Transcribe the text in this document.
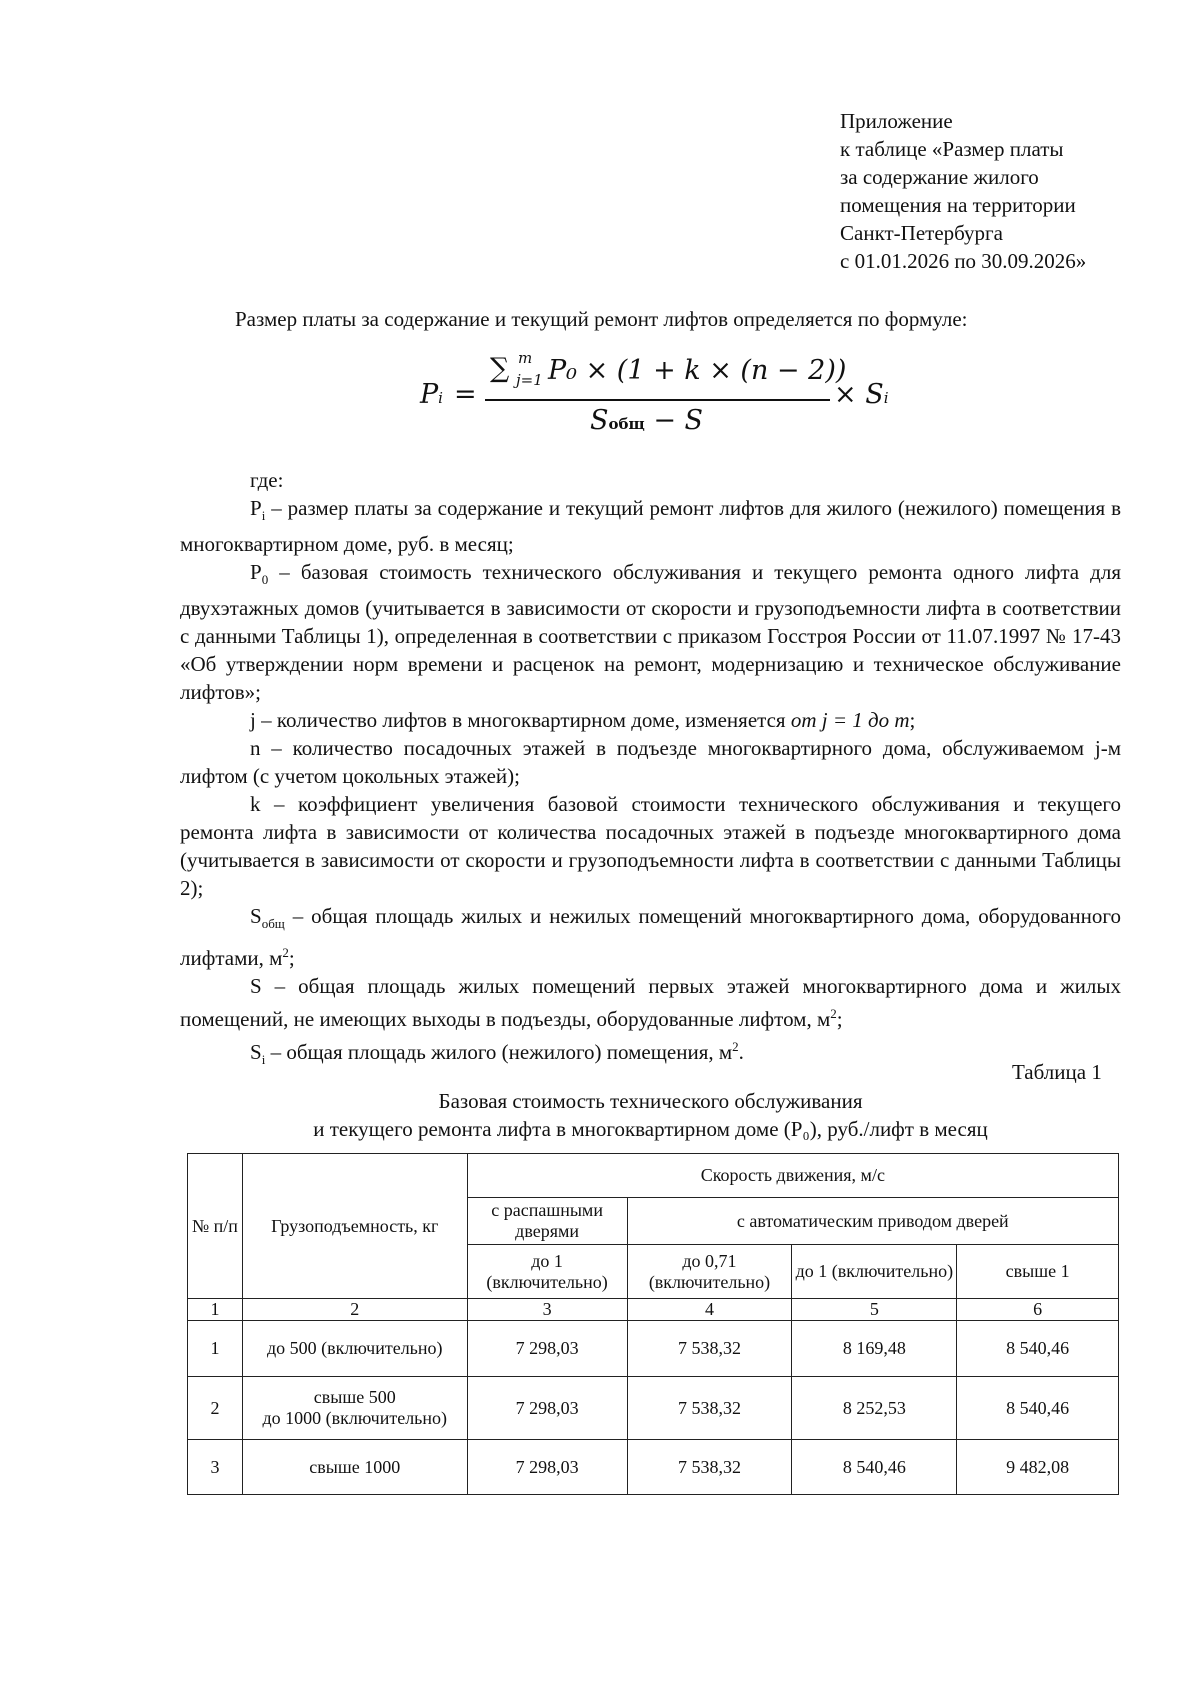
Приложение
к таблице «Размер платы
за содержание жилого
помещения на территории
Санкт-Петербурга
с 01.01.2026 по 30.09.2026»
Размер платы за содержание и текущий ремонт лифтов определяется по формуле:
Pi =
∑ m
j=1 P₀ × (1 + k × (n − 2))
Sобщ − S
× Si

где:

$P_i$ – размер платы за содержание и текущий ремонт лифтов для жилого (нежилого) помещения в многоквартирном доме, руб. в месяц;

$P_0$ – базовая стоимость технического обслуживания и текущего ремонта одного лифта для двухэтажных домов (учитывается в зависимости от скорости и грузоподъемности лифта в соответствии с данными Таблицы 1), определенная в соответствии с приказом Госстроя России от 11.07.1997 № 17-43 «Об утверждении норм времени и расценок на ремонт, модернизацию и техническое обслуживание лифтов»;

j – количество лифтов в многоквартирном доме, изменяется от j = 1 до m;

n – количество посадочных этажей в подъезде многоквартирного дома, обслуживаемом j-м лифтом (с учетом цокольных этажей);

k – коэффициент увеличения базовой стоимости технического обслуживания и текущего ремонта лифта в зависимости от количества посадочных этажей в подъезде многоквартирного дома (учитывается в зависимости от скорости и грузоподъемности лифта в соответствии с данными Таблицы 2);

$S_{общ}$ – общая площадь жилых и нежилых помещений многоквартирного дома, оборудованного лифтами, $м^2$;

S – общая площадь жилых помещений первых этажей многоквартирного дома и жилых помещений, не имеющих выходы в подъезды, оборудованные лифтом, $м^2$;

$S_i$ – общая площадь жилого (нежилого) помещения, $м^2$.

Таблица 1
Базовая стоимость технического обслуживания
и текущего ремонта лифта в многоквартирном доме (P₀), руб./лифт в месяц
№ п/п	Грузоподъемность, кг	Скорость движения, м/с			
		с распашными дверями	с автоматическим приводом дверей		
		до 1 (включительно)	до 0,71 (включительно)	до 1 (включительно)	свыше 1
1	2	3	4	5	6
1	до 500 (включительно)	7 298,03	7 538,32	8 169,48	8 540,46
2	свыше 500
до 1000 (включительно)	7 298,03	7 538,32	8 252,53	8 540,46
3	свыше 1000	7 298,03	7 538,32	8 540,46	9 482,08
